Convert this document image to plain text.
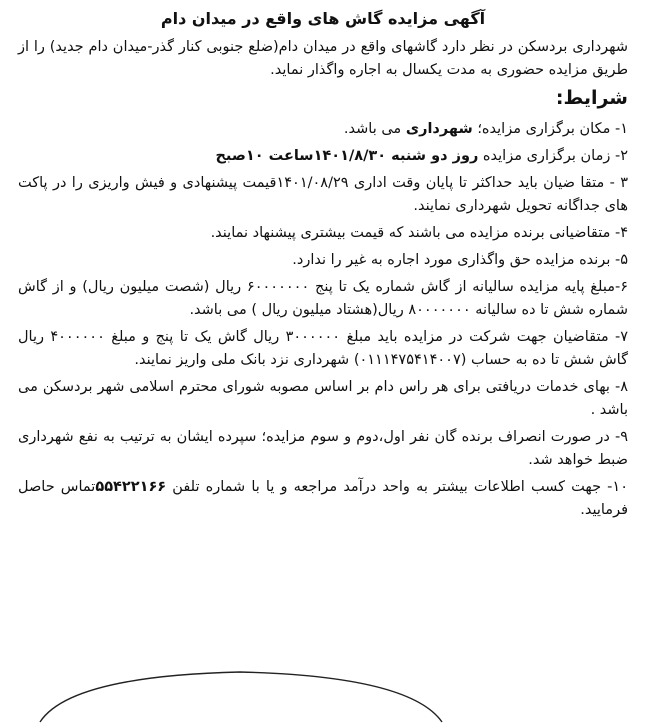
آگهی مزایده گاش های واقع در میدان دام

شهرداری بردسکن در نظر دارد گاشهای واقع در میدان دام(ضلع جنوبی کنار گذر-میدان دام جدید) را از طریق مزایده حضوری به مدت یکسال به اجاره واگذار نماید.

شرایط:
۱- مکان برگزاری مزایده؛ شهرداری می باشد.
۲- زمان برگزاری مزایده روز دو شنبه ۱۴۰۱/۸/۳۰ساعت ۱۰صبح
۳ - متقا ضیان باید حداکثر تا پایان وقت اداری ۱۴۰۱/۰۸/۲۹قیمت پیشنهادی و فیش واریزی را در پاکت های جداگانه تحویل شهرداری نمایند.
۴- متقاضیانی برنده مزایده می باشند که قیمت بیشتری پیشنهاد نمایند.
۵- برنده مزایده حق واگذاری مورد اجاره به غیر را ندارد.
۶-مبلغ پایه مزایده سالیانه از گاش شماره یک تا پنج ۶۰۰۰۰۰۰۰ ریال (شصت میلیون ریال) و از گاش شماره شش تا ده سالیانه ۸۰۰۰۰۰۰۰ ریال(هشتاد میلیون ریال ) می باشد.
۷- متقاضیان جهت شرکت در مزایده باید مبلغ ۳۰۰۰۰۰۰ ریال گاش یک تا پنج و مبلغ ۴۰۰۰۰۰۰ ریال گاش شش تا ده به حساب (۰۱۱۱۴۷۵۴۱۴۰۰۷) شهرداری نزد بانک ملی واریز نمایند.
۸- بهای خدمات دریافتی برای هر راس دام بر اساس مصوبه شورای محترم اسلامی شهر بردسکن می باشد .
۹- در صورت انصراف برنده گان نفر اول،دوم و سوم مزایده؛ سپرده ایشان به ترتیب به نفع شهرداری ضبط خواهد شد.
۱۰- جهت کسب اطلاعات بیشتر به واحد درآمد مراجعه و یا با شماره تلفن ۵۵۴۲۲۱۶۶تماس حاصل فرمایید.
